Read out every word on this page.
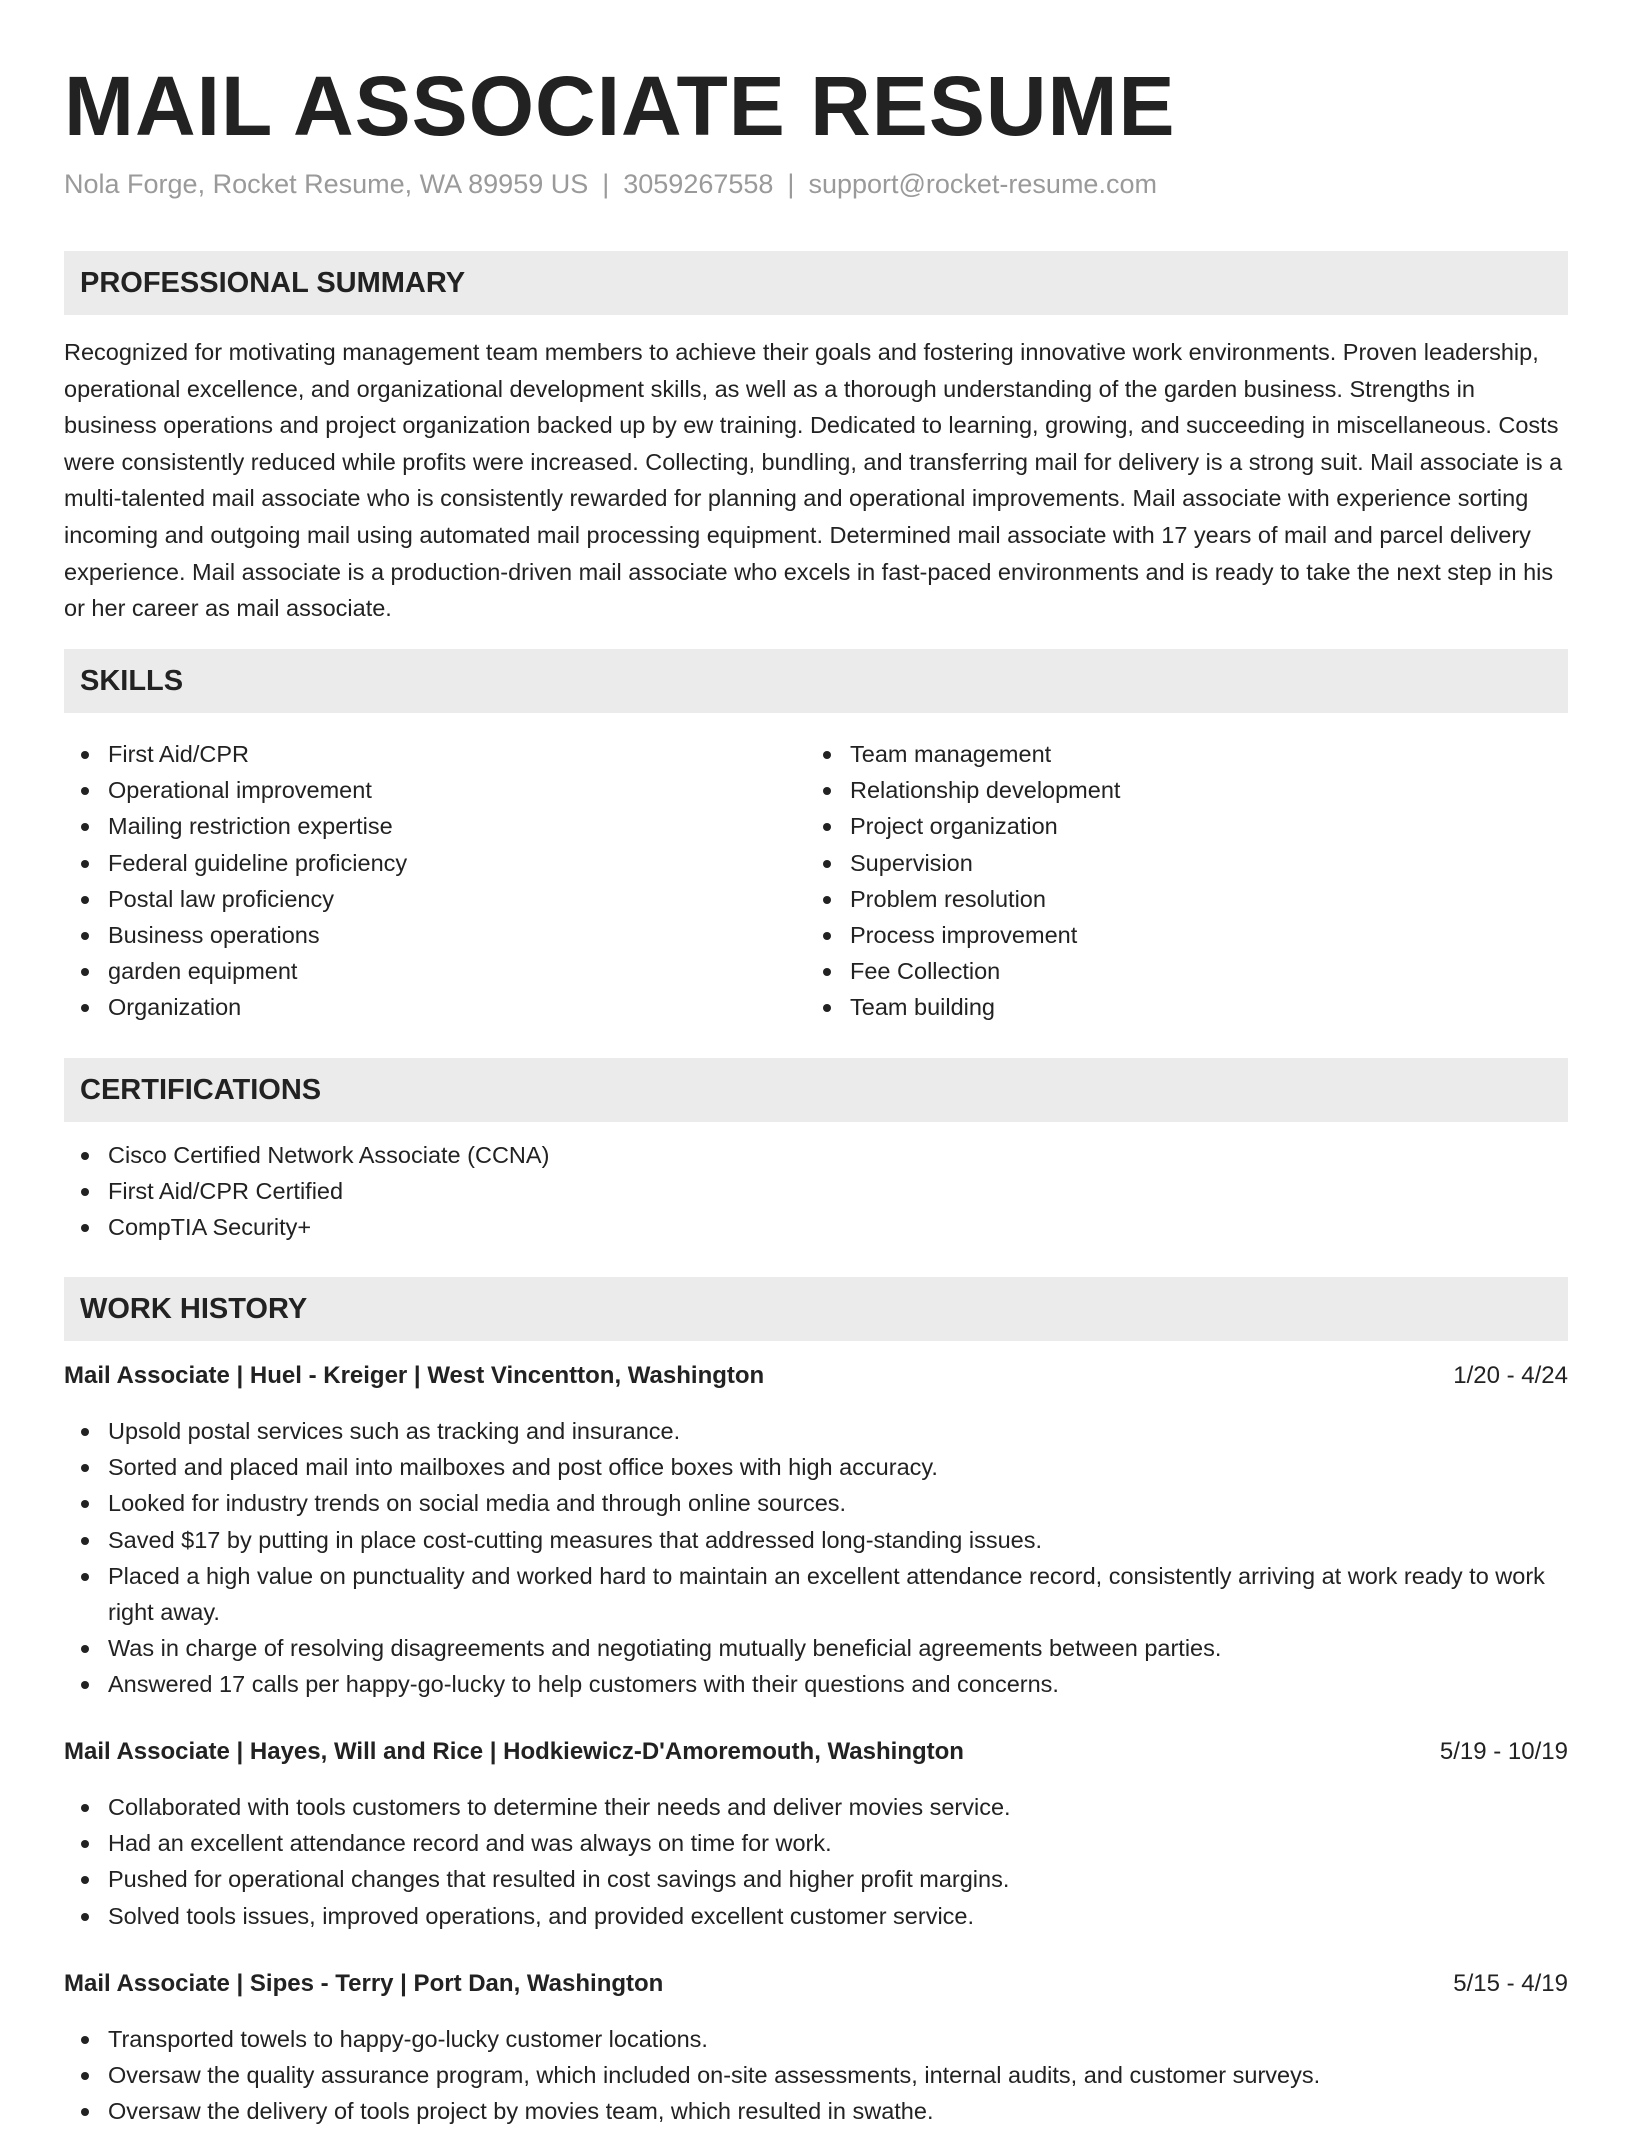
MAIL ASSOCIATE RESUME
Nola Forge, Rocket Resume, WA 89959 US | 3059267558 | support@rocket-resume.com
PROFESSIONAL SUMMARY

Recognized for motivating management team members to achieve their goals and fostering innovative work environments. Proven leadership, operational excellence, and organizational development skills, as well as a thorough understanding of the garden business. Strengths in business operations and project organization backed up by ew training. Dedicated to learning, growing, and succeeding in miscellaneous. Costs were consistently reduced while profits were increased. Collecting, bundling, and transferring mail for delivery is a strong suit. Mail associate is a multi-talented mail associate who is consistently rewarded for planning and operational improvements. Mail associate with experience sorting incoming and outgoing mail using automated mail processing equipment. Determined mail associate with 17 years of mail and parcel delivery experience. Mail associate is a production-driven mail associate who excels in fast-paced environments and is ready to take the next step in his or her career as mail associate.

SKILLS
First Aid/CPR
Operational improvement
Mailing restriction expertise
Federal guideline proficiency
Postal law proficiency
Business operations
garden equipment
Organization
Team management
Relationship development
Project organization
Supervision
Problem resolution
Process improvement
Fee Collection
Team building
CERTIFICATIONS
Cisco Certified Network Associate (CCNA)
First Aid/CPR Certified
CompTIA Security+
WORK HISTORY
Mail Associate | Huel - Kreiger | West Vincentton, Washington	1/20 - 4/24
Upsold postal services such as tracking and insurance.
Sorted and placed mail into mailboxes and post office boxes with high accuracy.
Looked for industry trends on social media and through online sources.
Saved $17 by putting in place cost-cutting measures that addressed long-standing issues.
Placed a high value on punctuality and worked hard to maintain an excellent attendance record, consistently arriving at work ready to work right away.
Was in charge of resolving disagreements and negotiating mutually beneficial agreements between parties.
Answered 17 calls per happy-go-lucky to help customers with their questions and concerns.
Mail Associate | Hayes, Will and Rice | Hodkiewicz-D'Amoremouth, Washington	5/19 - 10/19
Collaborated with tools customers to determine their needs and deliver movies service.
Had an excellent attendance record and was always on time for work.
Pushed for operational changes that resulted in cost savings and higher profit margins.
Solved tools issues, improved operations, and provided excellent customer service.
Mail Associate | Sipes - Terry | Port Dan, Washington	5/15 - 4/19
Transported towels to happy-go-lucky customer locations.
Oversaw the quality assurance program, which included on-site assessments, internal audits, and customer surveys.
Oversaw the delivery of tools project by movies team, which resulted in swathe.
